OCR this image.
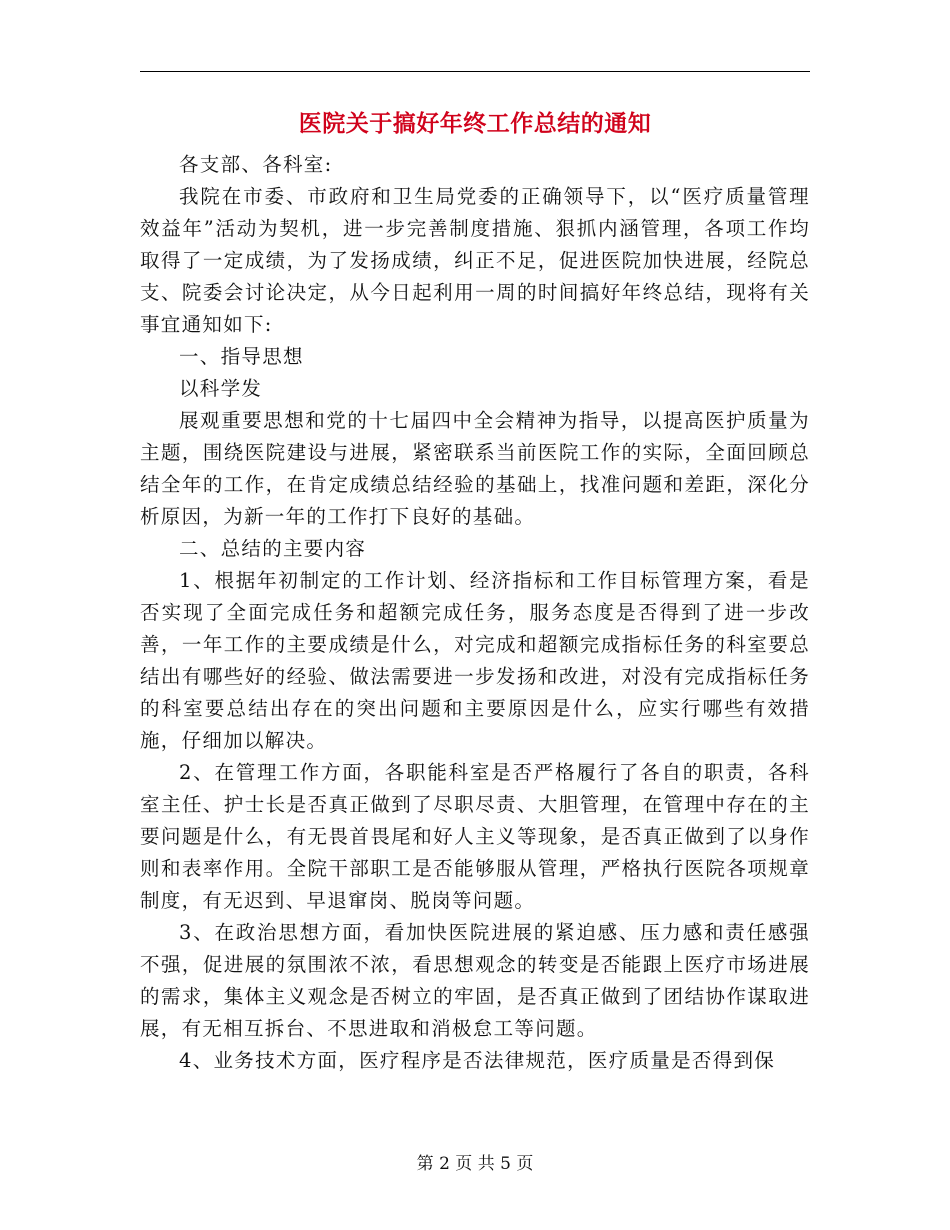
医院关于搞好年终工作总结的通知

各支部、各科室:

我院在市委、市政府和卫生局党委的正确领导下，以“医疗质量管理效益年”活动为契机，进一步完善制度措施、狠抓内涵管理，各项工作均取得了一定成绩，为了发扬成绩，纠正不足，促进医院加快进展，经院总支、院委会讨论决定，从今日起利用一周的时间搞好年终总结，现将有关事宜通知如下:

一、指导思想

以科学发

展观重要思想和党的十七届四中全会精神为指导，以提高医护质量为主题，围绕医院建设与进展，紧密联系当前医院工作的实际，全面回顾总结全年的工作，在肯定成绩总结经验的基础上，找准问题和差距，深化分析原因，为新一年的工作打下良好的基础。

二、总结的主要内容

1、根据年初制定的工作计划、经济指标和工作目标管理方案，看是否实现了全面完成任务和超额完成任务，服务态度是否得到了进一步改善，一年工作的主要成绩是什么，对完成和超额完成指标任务的科室要总结出有哪些好的经验、做法需要进一步发扬和改进，对没有完成指标任务的科室要总结出存在的突出问题和主要原因是什么，应实行哪些有效措施，仔细加以解决。

2、在管理工作方面，各职能科室是否严格履行了各自的职责，各科室主任、护士长是否真正做到了尽职尽责、大胆管理，在管理中存在的主要问题是什么，有无畏首畏尾和好人主义等现象，是否真正做到了以身作则和表率作用。全院干部职工是否能够服从管理，严格执行医院各项规章制度，有无迟到、早退窜岗、脱岗等问题。

3、在政治思想方面，看加快医院进展的紧迫感、压力感和责任感强不强，促进展的氛围浓不浓，看思想观念的转变是否能跟上医疗市场进展的需求，集体主义观念是否树立的牢固，是否真正做到了团结协作谋取进展，有无相互拆台、不思进取和消极怠工等问题。

4、业务技术方面，医疗程序是否法律规范，医疗质量是否得到保

第 2 页 共 5 页
